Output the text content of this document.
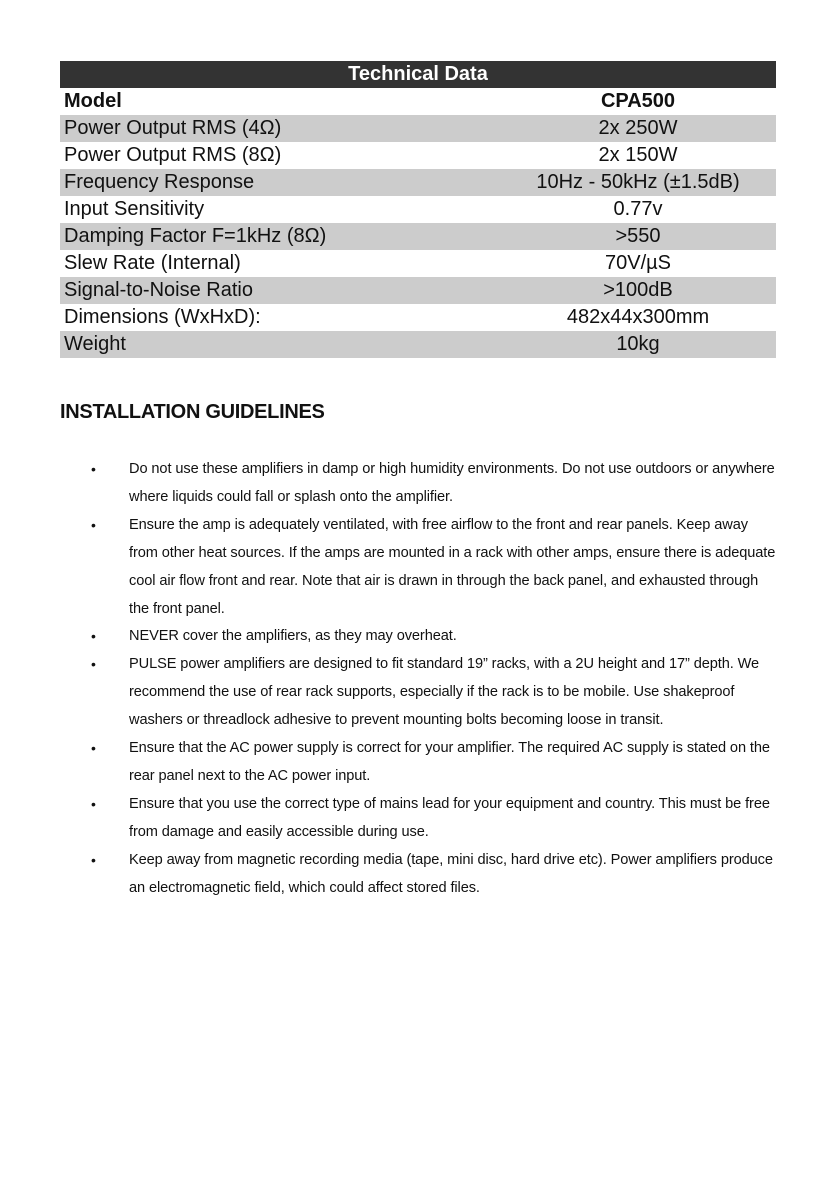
Technical Data	
Model	CPA500
Power Output RMS (4Ω)	2x 250W
Power Output RMS (8Ω)	2x 150W
Frequency Response	10Hz - 50kHz (±1.5dB)
Input Sensitivity	0.77v
Damping Factor F=1kHz (8Ω)	>550
Slew Rate (Internal)	70V/µS
Signal-to-Noise Ratio	>100dB
Dimensions (WxHxD):	482x44x300mm
Weight	10kg
INSTALLATION GUIDELINES
• Do not use these amplifiers in damp or high humidity environments. Do not use outdoors or anywhere where liquids could fall or splash onto the amplifier.
• Ensure the amp is adequately ventilated, with free airflow to the front and rear panels. Keep away from other heat sources. If the amps are mounted in a rack with other amps, ensure there is adequate cool air flow front and rear. Note that air is drawn in through the back panel, and exhausted through the front panel.
• NEVER cover the amplifiers, as they may overheat.
• PULSE power amplifiers are designed to fit standard 19” racks, with a 2U height and 17” depth. We recommend the use of rear rack supports, especially if the rack is to be mobile. Use shakeproof washers or threadlock adhesive to prevent mounting bolts becoming loose in transit.
• Ensure that the AC power supply is correct for your amplifier. The required AC supply is stated on the rear panel next to the AC power input.
• Ensure that you use the correct type of mains lead for your equipment and country. This must be free from damage and easily accessible during use.
• Keep away from magnetic recording media (tape, mini disc, hard drive etc). Power amplifiers produce an electromagnetic field, which could affect stored files.
